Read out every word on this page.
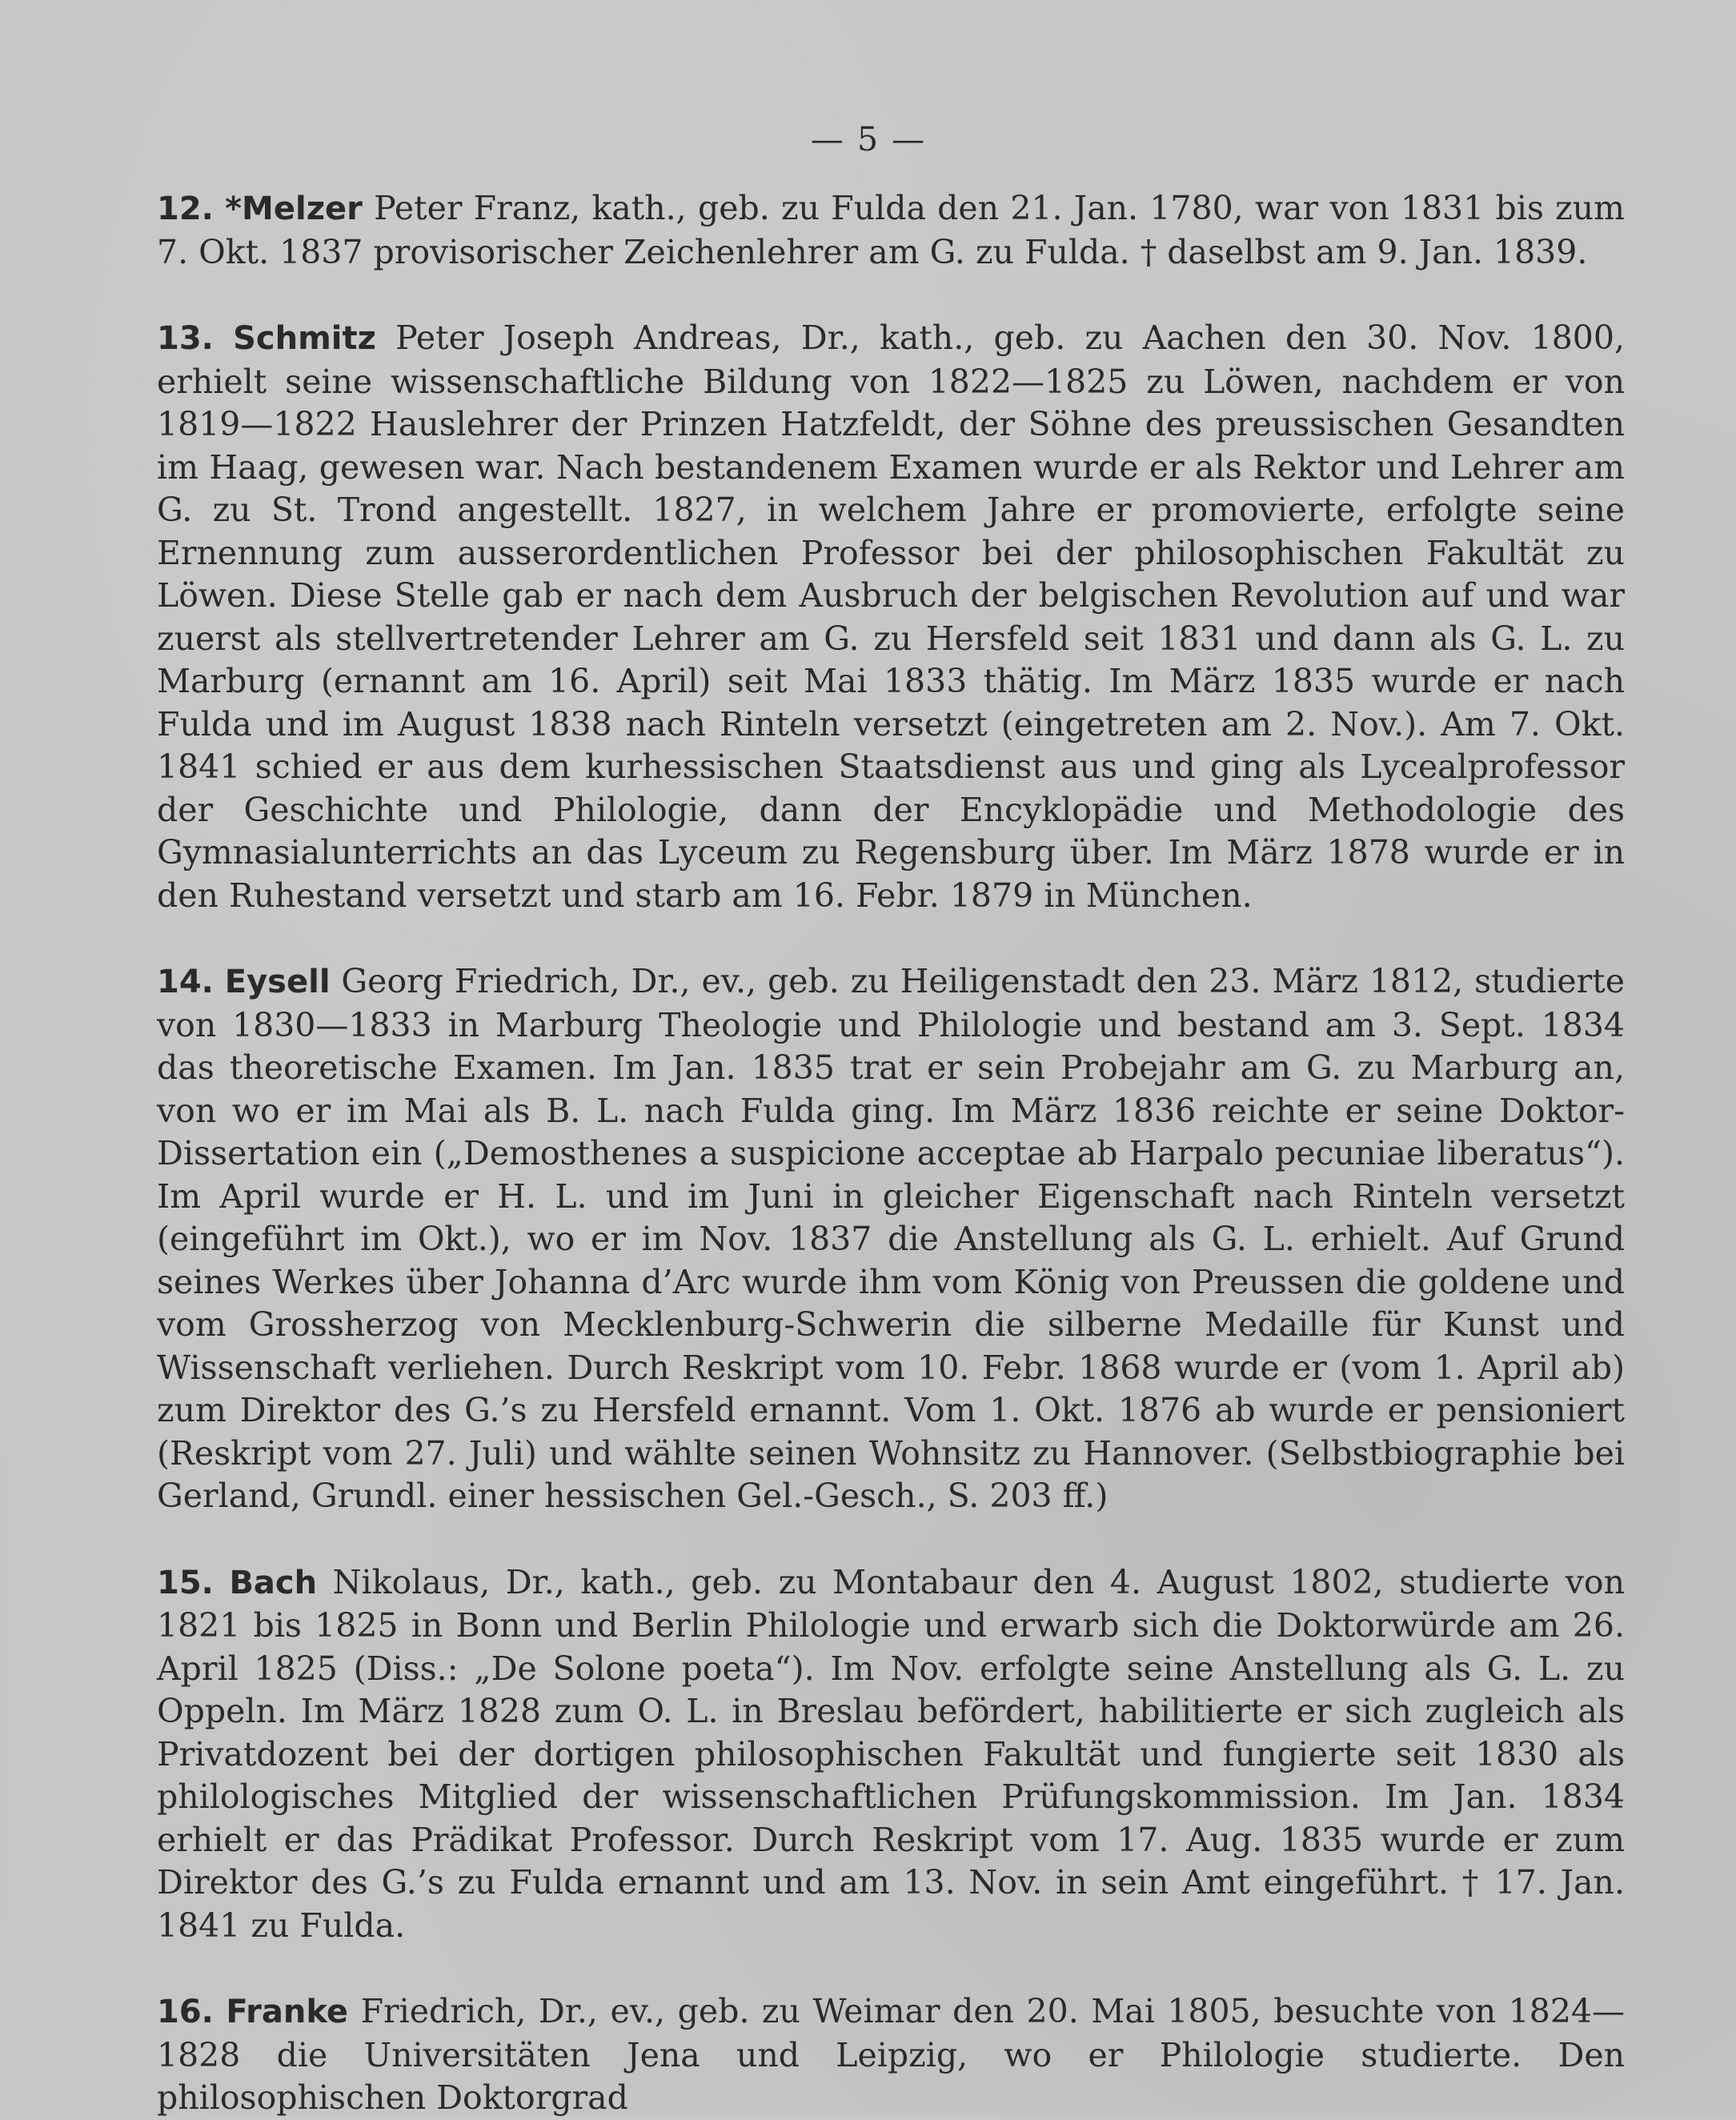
— 5 —

12. *Melzer Peter Franz, kath., geb. zu Fulda den 21. Jan. 1780, war von 1831 bis zum 7. Okt. 1837 provisorischer Zeichenlehrer am G. zu Fulda. † daselbst am 9. Jan. 1839.

13. Schmitz Peter Joseph Andreas, Dr., kath., geb. zu Aachen den 30. Nov. 1800, erhielt seine wissenschaftliche Bildung von 1822—1825 zu Löwen, nachdem er von 1819—1822 Hauslehrer der Prinzen Hatzfeldt, der Söhne des preussischen Gesandten im Haag, gewesen war. Nach bestandenem Examen wurde er als Rektor und Lehrer am G. zu St. Trond angestellt. 1827, in welchem Jahre er promovierte, erfolgte seine Ernennung zum ausserordentlichen Professor bei der philosophischen Fakultät zu Löwen. Diese Stelle gab er nach dem Ausbruch der belgischen Revolution auf und war zuerst als stellvertretender Lehrer am G. zu Hersfeld seit 1831 und dann als G. L. zu Marburg (ernannt am 16. April) seit Mai 1833 thätig. Im März 1835 wurde er nach Fulda und im August 1838 nach Rinteln versetzt (eingetreten am 2. Nov.). Am 7. Okt. 1841 schied er aus dem kurhessischen Staatsdienst aus und ging als Lycealprofessor der Geschichte und Philologie, dann der Encyklopädie und Methodologie des Gymnasialunterrichts an das Lyceum zu Regensburg über. Im März 1878 wurde er in den Ruhestand versetzt und starb am 16. Febr. 1879 in München.

14. Eysell Georg Friedrich, Dr., ev., geb. zu Heiligenstadt den 23. März 1812, studierte von 1830—1833 in Marburg Theologie und Philologie und bestand am 3. Sept. 1834 das theoretische Examen. Im Jan. 1835 trat er sein Probejahr am G. zu Marburg an, von wo er im Mai als B. L. nach Fulda ging. Im März 1836 reichte er seine Doktor-Dissertation ein („Demosthenes a suspicione acceptae ab Harpalo pecuniae liberatus“). Im April wurde er H. L. und im Juni in gleicher Eigenschaft nach Rinteln versetzt (eingeführt im Okt.), wo er im Nov. 1837 die Anstellung als G. L. erhielt. Auf Grund seines Werkes über Johanna d’Arc wurde ihm vom König von Preussen die goldene und vom Grossherzog von Mecklenburg-Schwerin die silberne Medaille für Kunst und Wissenschaft verliehen. Durch Reskript vom 10. Febr. 1868 wurde er (vom 1. April ab) zum Direktor des G.’s zu Hersfeld ernannt. Vom 1. Okt. 1876 ab wurde er pensioniert (Reskript vom 27. Juli) und wählte seinen Wohnsitz zu Hannover. (Selbstbiographie bei Gerland, Grundl. einer hessischen Gel.-Gesch., S. 203 ff.)

15. Bach Nikolaus, Dr., kath., geb. zu Montabaur den 4. August 1802, studierte von 1821 bis 1825 in Bonn und Berlin Philologie und erwarb sich die Doktorwürde am 26. April 1825 (Diss.: „De Solone poeta“). Im Nov. erfolgte seine Anstellung als G. L. zu Oppeln. Im März 1828 zum O. L. in Breslau befördert, habilitierte er sich zugleich als Privatdozent bei der dortigen philosophischen Fakultät und fungierte seit 1830 als philologisches Mitglied der wissenschaftlichen Prüfungskommission. Im Jan. 1834 erhielt er das Prädikat Professor. Durch Reskript vom 17. Aug. 1835 wurde er zum Direktor des G.’s zu Fulda ernannt und am 13. Nov. in sein Amt eingeführt. † 17. Jan. 1841 zu Fulda.

16. Franke Friedrich, Dr., ev., geb. zu Weimar den 20. Mai 1805, besuchte von 1824—1828 die Universitäten Jena und Leipzig, wo er Philologie studierte. Den philosophischen Doktorgrad
